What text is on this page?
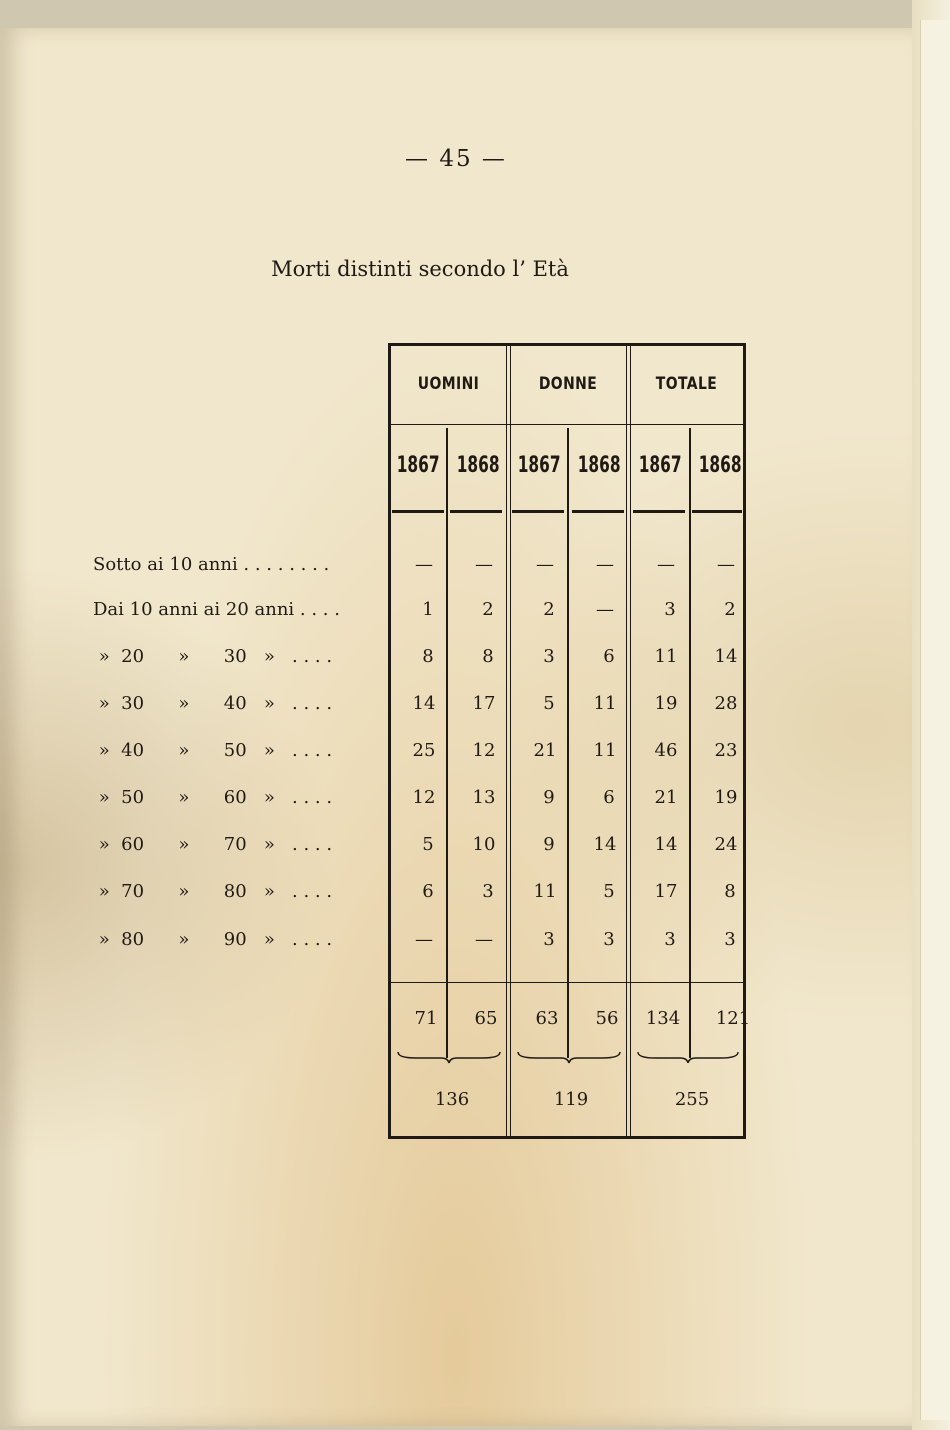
— 45 —
Morti distinti secondo l’ Età
UOMINI	DONNE	TOTALE
1867 1868 1867 1868 1867 1868
Sotto ai 10 anni . . . . . . . .	—	—	—	—	—	—
Dai 10 anni ai 20 anni . . . .	1	2	2	—	3	2
»  20      »      30   »   . . . .	8	8	3	6	11	14
»  30      »      40   »   . . . .	14	17	5	11	19	28
»  40      »      50   »   . . . .	25	12	21	11	46	23
»  50      »      60   »   . . . .	12	13	9	6	21	19
»  60      »      70   »   . . . .	5	10	9	14	14	24
»  70      »      80   »   . . . .	6	3	11	5	17	8
»  80      »      90   »   . . . .	—	—	3	3	3	3
71	65	63	56	134	121
136	119	255
